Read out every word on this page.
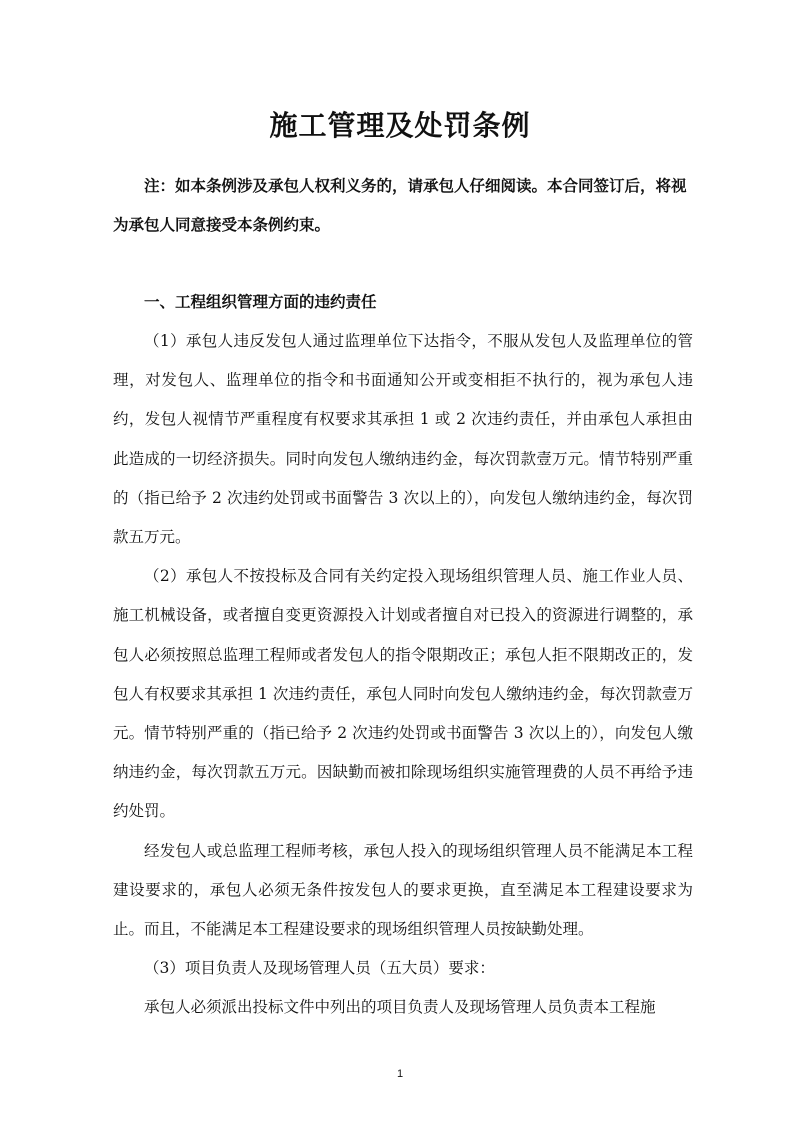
施工管理及处罚条例

注：如本条例涉及承包人权利义务的，请承包人仔细阅读。本合同签订后，将视为承包人同意接受本条例约束。

一、工程组织管理方面的违约责任

（1）承包人违反发包人通过监理单位下达指令，不服从发包人及监理单位的管理，对发包人、监理单位的指令和书面通知公开或变相拒不执行的，视为承包人违约，发包人视情节严重程度有权要求其承担 1 或 2 次违约责任，并由承包人承担由此造成的一切经济损失。同时向发包人缴纳违约金，每次罚款壹万元。情节特别严重的（指已给予 2 次违约处罚或书面警告 3 次以上的），向发包人缴纳违约金，每次罚款五万元。

（2）承包人不按投标及合同有关约定投入现场组织管理人员、施工作业人员、施工机械设备，或者擅自变更资源投入计划或者擅自对已投入的资源进行调整的，承包人必须按照总监理工程师或者发包人的指令限期改正；承包人拒不限期改正的，发包人有权要求其承担 1 次违约责任，承包人同时向发包人缴纳违约金，每次罚款壹万元。情节特别严重的（指已给予 2 次违约处罚或书面警告 3 次以上的），向发包人缴纳违约金，每次罚款五万元。因缺勤而被扣除现场组织实施管理费的人员不再给予违约处罚。

经发包人或总监理工程师考核，承包人投入的现场组织管理人员不能满足本工程建设要求的，承包人必须无条件按发包人的要求更换，直至满足本工程建设要求为止。而且，不能满足本工程建设要求的现场组织管理人员按缺勤处理。

（3）项目负责人及现场管理人员（五大员）要求：

承包人必须派出投标文件中列出的项目负责人及现场管理人员负责本工程施

1
